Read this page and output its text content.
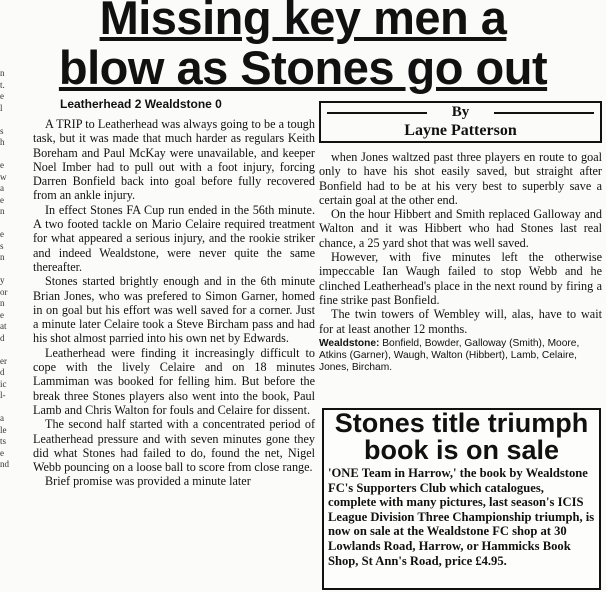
Missing key men a
blow as Stones go out
n
t.
e
l
s
h
e
w
a
e
n
e
s
n
y
or
n
e
at
d
er
d
ic
l-
a
le
ts
e
nd
Leatherhead 2 Wealdstone 0	By
Layne Patterson

A TRIP to Leatherhead was always going to be a tough task, but it was made that much harder as regulars Keith Boreham and Paul McKay were unavailable, and keeper Noel Imber had to pull out with a foot injury, forcing Darren Bonfield back into goal before fully recovered from an ankle injury.

In effect Stones FA Cup run ended in the 56th minute. A two footed tackle on Mario Celaire required treatment for what appeared a serious injury, and the rookie striker and indeed Wealdstone, were never quite the same thereafter.

Stones started brightly enough and in the 6th minute Brian Jones, who was prefered to Simon Garner, homed in on goal but his effort was well saved for a corner. Just a minute later Celaire took a Steve Bircham pass and had his shot almost parried into his own net by Edwards.

Leatherhead were finding it increasingly difficult to cope with the lively Celaire and on 18 minutes Lammiman was booked for felling him. But before the break three Stones players also went into the book, Paul Lamb and Chris Walton for fouls and Celaire for dissent.

The second half started with a concentrated period of Leatherhead pressure and with seven minutes gone they did what Stones had failed to do, found the net, Nigel Webb pouncing on a loose ball to score from close range.

Brief promise was provided a minute later

when Jones waltzed past three players en route to goal only to have his shot easily saved, but straight after Bonfield had to be at his very best to superbly save a certain goal at the other end.

On the hour Hibbert and Smith replaced Galloway and Walton and it was Hibbert who had Stones last real chance, a 25 yard shot that was well saved.

However, with five minutes left the otherwise impeccable Ian Waugh failed to stop Webb and he clinched Leatherhead's place in the next round by firing a fine strike past Bonfield.

The twin towers of Wembley will, alas, have to wait for at least another 12 months.

Wealdstone: Bonfield, Bowder, Galloway (Smith), Moore, Atkins (Garner), Waugh, Walton (Hibbert), Lamb, Celaire, Jones, Bircham.
Stones title triumph
book is on sale
'ONE Team in Harrow,' the book by Wealdstone FC's Supporters Club which catalogues, complete with many pictures, last season's ICIS League Division Three Championship triumph, is now on sale at the Wealdstone FC shop at 30 Lowlands Road, Harrow, or Hammicks Book Shop, St Ann's Road, price £4.95.
